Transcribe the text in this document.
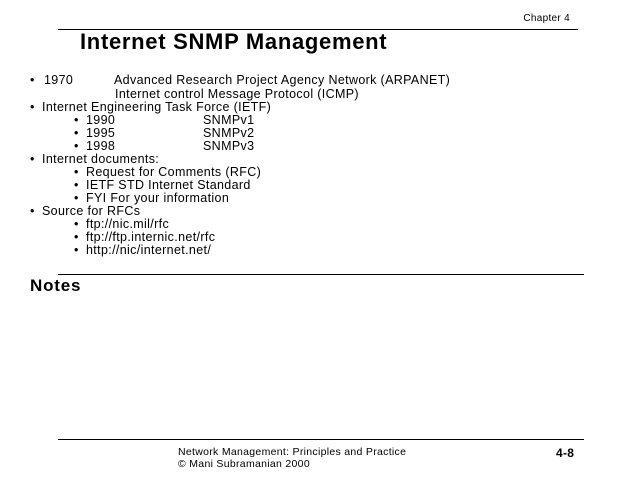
Chapter 4
Internet SNMP Management
• 1970	Advanced Research Project Agency Network (ARPANET)
Internet control Message Protocol (ICMP)
• Internet Engineering Task Force (IETF)
• 1990	SNMPv1
• 1995	SNMPv2
• 1998	SNMPv3
• Internet documents:
• Request for Comments (RFC)
• IETF STD Internet Standard
• FYI For your information
• Source for RFCs
• ftp://nic.mil/rfc
• ftp://ftp.internic.net/rfc
• http://nic/internet.net/
Notes
Network Management: Principles and Practice
© Mani Subramanian 2000
4-8
